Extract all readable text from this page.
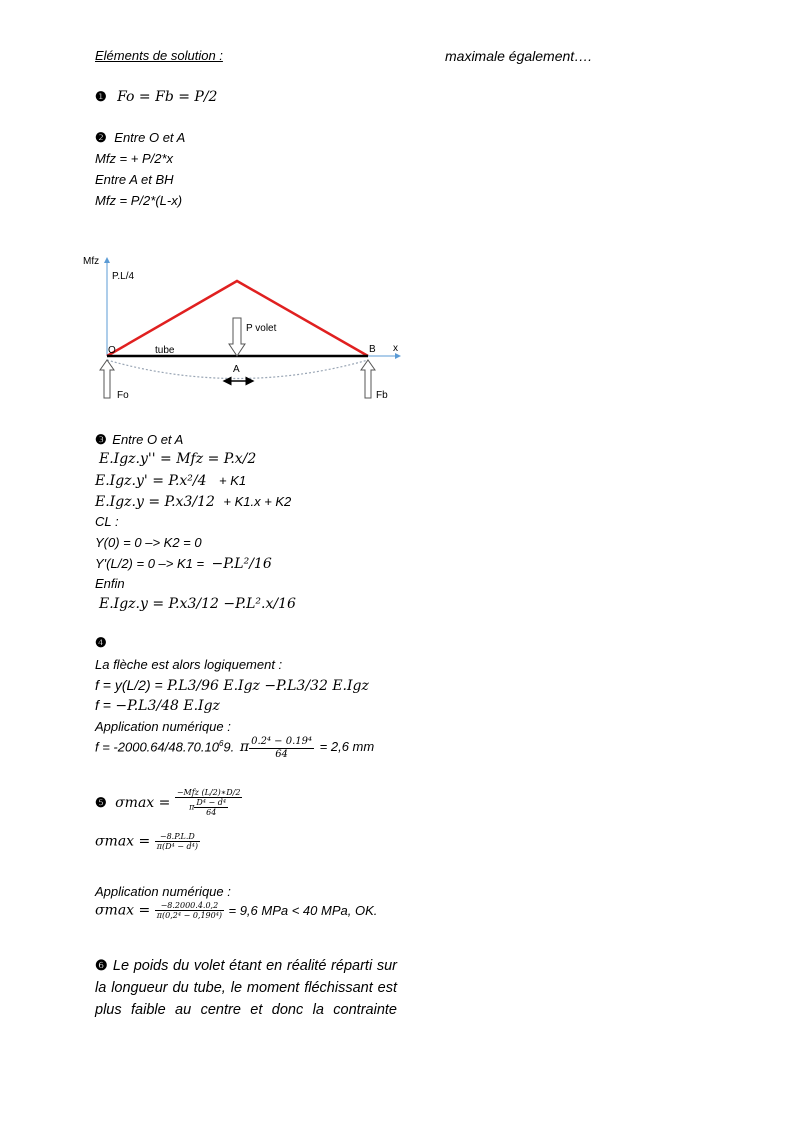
Eléments de solution :	maximale également….
❶ Fo = Fb = P/2
❷ Entre O et A
Mfz = + P/2*x
Entre A et BH
Mfz = P/2*(L-x)
Mfz
P.L/4
x
O	B
tube
P volet
A
Fo	Fb
❸ Entre O et A
E.Igz.y'' = Mfz = P.x/2
E.Igz.y' = P.x²/4 + K1
E.Igz.y = P.x3/12 + K1.x + K2
CL :
Y(0) = 0 –> K2 = 0
Y'(L/2) = 0 –> K1 = −P.L²/16
Enfin
E.Igz.y = P.x3/12 −P.L².x/16
❹
La flèche est alors logiquement :
f = y(L/2) = P.L3/96 E.Igz −P.L3/32 E.Igz
f = −P.L3/48 E.Igz
Application numérique :
$f = -2000.64/48.70.10^69$. π $\frac{\text{0.2⁴ − 0.19⁴}}{64} = 2,6$ mm
❺ $\sigma\max = \frac{\text{−Mfz (L/2)∗D/2}}{\pi \frac{\text{D⁴ − d⁴}}{64}}$
$\sigma\max = \frac{-8.P.L.D}{\text{π(D⁴ − d⁴)}}$
Application numérique :
$\sigma\max = \frac{-8.2000.4.0,2}{\text{π(0,2⁴ − 0,190⁴)}} = 9,6$ MPa < 40 MPa, OK.
❻ Le poids du volet étant en réalité réparti sur
la longueur du tube, le moment fléchissant est
plus faible au centre et donc la contrainte
